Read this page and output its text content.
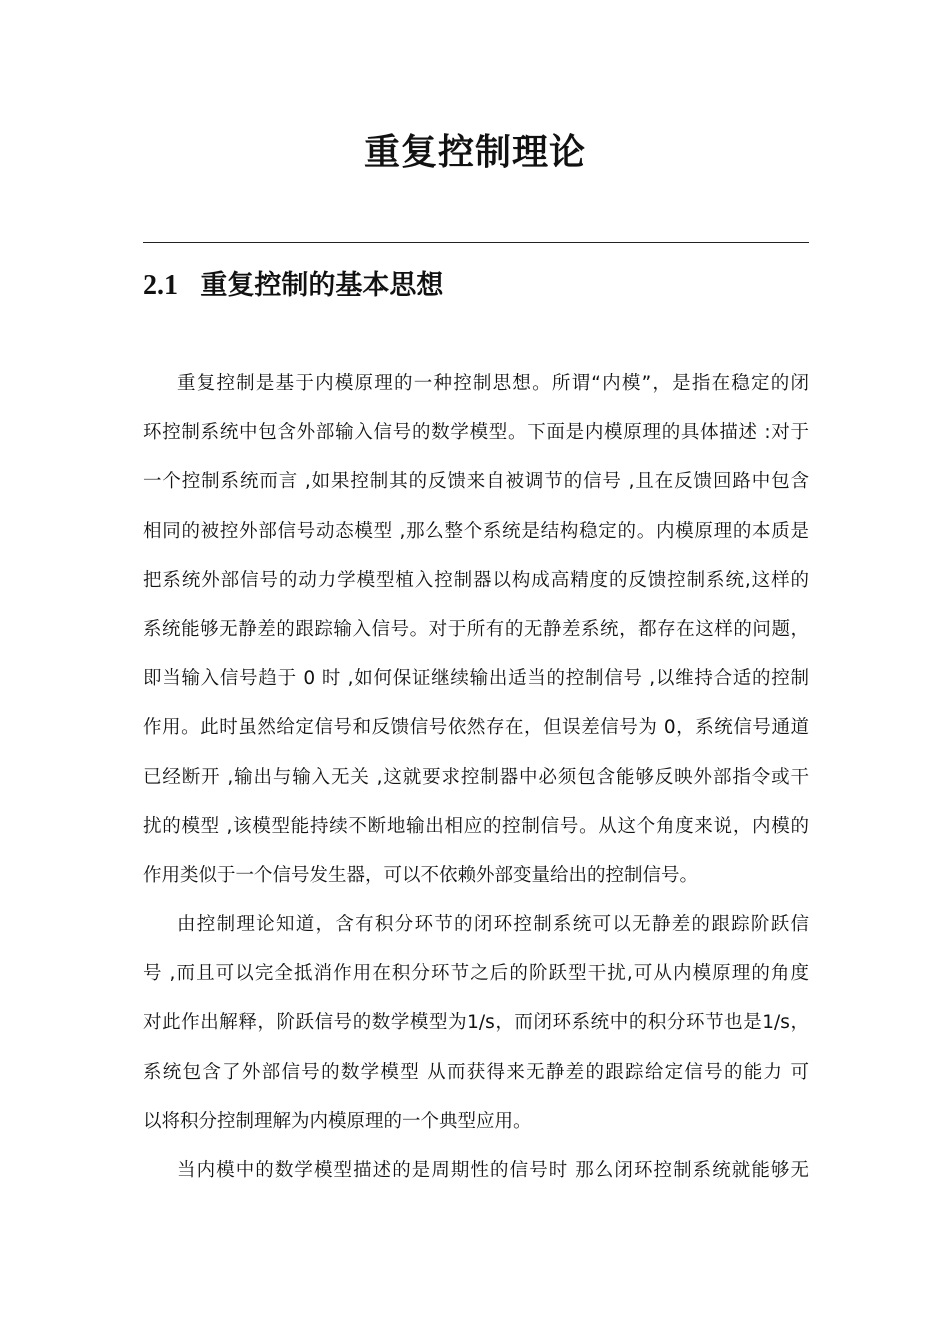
重复控制理论
2.1 重复控制的基本思想
重复控制是基于内模原理的一种控制思想。所谓“内模”，是指在稳定的闭
环控制系统中包含外部输入信号的数学模型。下面是内模原理的具体描述 :对于
一个控制系统而言 ,如果控制其的反馈来自被调节的信号 ,且在反馈回路中包含
相同的被控外部信号动态模型 ,那么整个系统是结构稳定的。内模原理的本质是
把系统外部信号的动力学模型植入控制器以构成高精度的反馈控制系统,这样的
系统能够无静差的跟踪输入信号。对于所有的无静差系统，都存在这样的问题，
即当输入信号趋于 0 时 ,如何保证继续输出适当的控制信号 ,以维持合适的控制
作用。此时虽然给定信号和反馈信号依然存在，但误差信号为 0，系统信号通道
已经断开 ,输出与输入无关 ,这就要求控制器中必须包含能够反映外部指令或干
扰的模型 ,该模型能持续不断地输出相应的控制信号。从这个角度来说，内模的
作用类似于一个信号发生器，可以不依赖外部变量给出的控制信号。
由控制理论知道，含有积分环节的闭环控制系统可以无静差的跟踪阶跃信
号 ,而且可以完全抵消作用在积分环节之后的阶跃型干扰,可从内模原理的角度
对此作出解释，阶跃信号的数学模型为1/s，而闭环系统中的积分环节也是1/s，
系统包含了外部信号的数学模型 从而获得来无静差的跟踪给定信号的能力 可
以将积分控制理解为内模原理的一个典型应用。
当内模中的数学模型描述的是周期性的信号时 那么闭环控制系统就能够无
